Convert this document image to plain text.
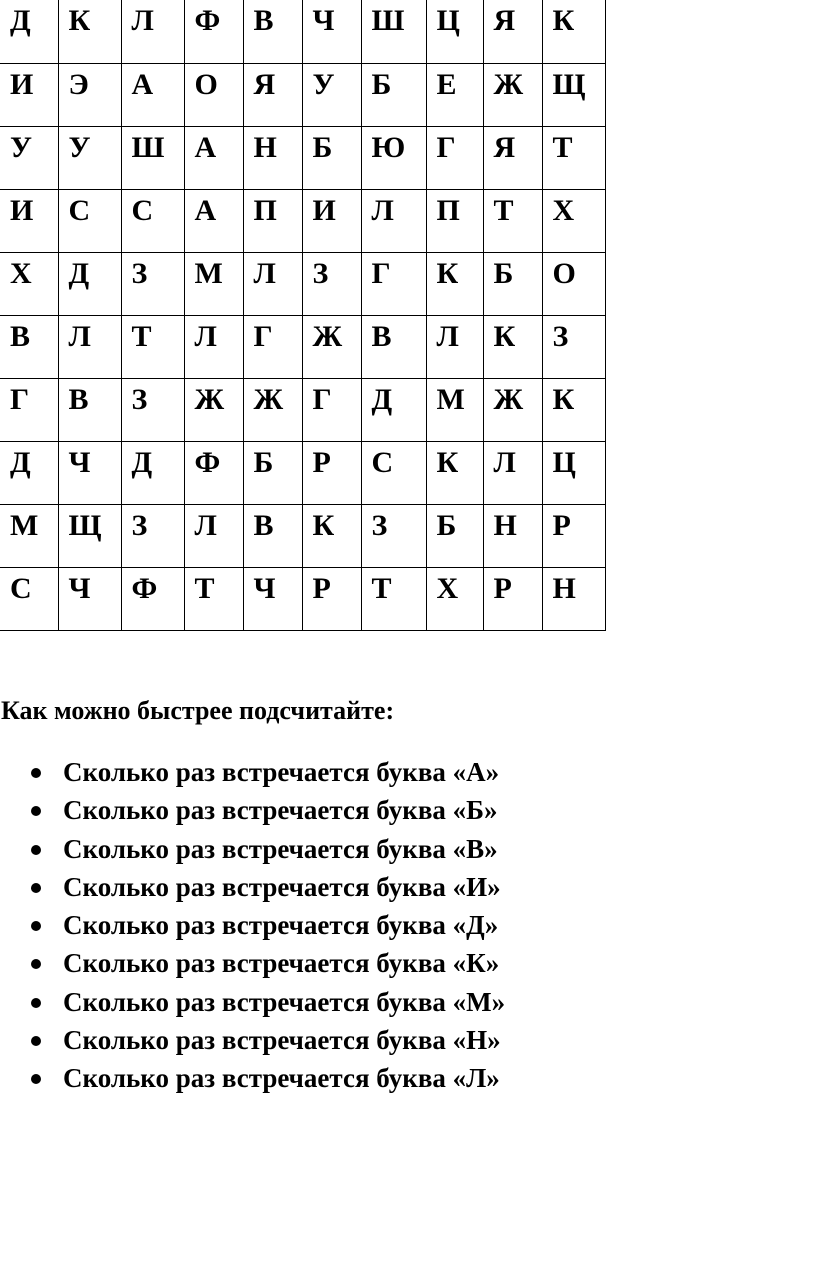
Д	К	Л	Ф	В	Ч	Ш	Ц	Я	К
И	Э	А	О	Я	У	Б	Е	Ж	Щ
У	У	Ш	А	Н	Б	Ю	Г	Я	Т
И	С	С	А	П	И	Л	П	Т	Х
Х	Д	З	М	Л	З	Г	К	Б	О
В	Л	Т	Л	Г	Ж	В	Л	К	З
Г	В	З	Ж	Ж	Г	Д	М	Ж	К
Д	Ч	Д	Ф	Б	Р	С	К	Л	Ц
М	Щ	З	Л	В	К	З	Б	Н	Р
С	Ч	Ф	Т	Ч	Р	Т	Х	Р	Н

Как можно быстрее подсчитайте:

Сколько раз встречается буква «А»
Сколько раз встречается буква «Б»
Сколько раз встречается буква «В»
Сколько раз встречается буква «И»
Сколько раз встречается буква «Д»
Сколько раз встречается буква «К»
Сколько раз встречается буква «М»
Сколько раз встречается буква «Н»
Сколько раз встречается буква «Л»
